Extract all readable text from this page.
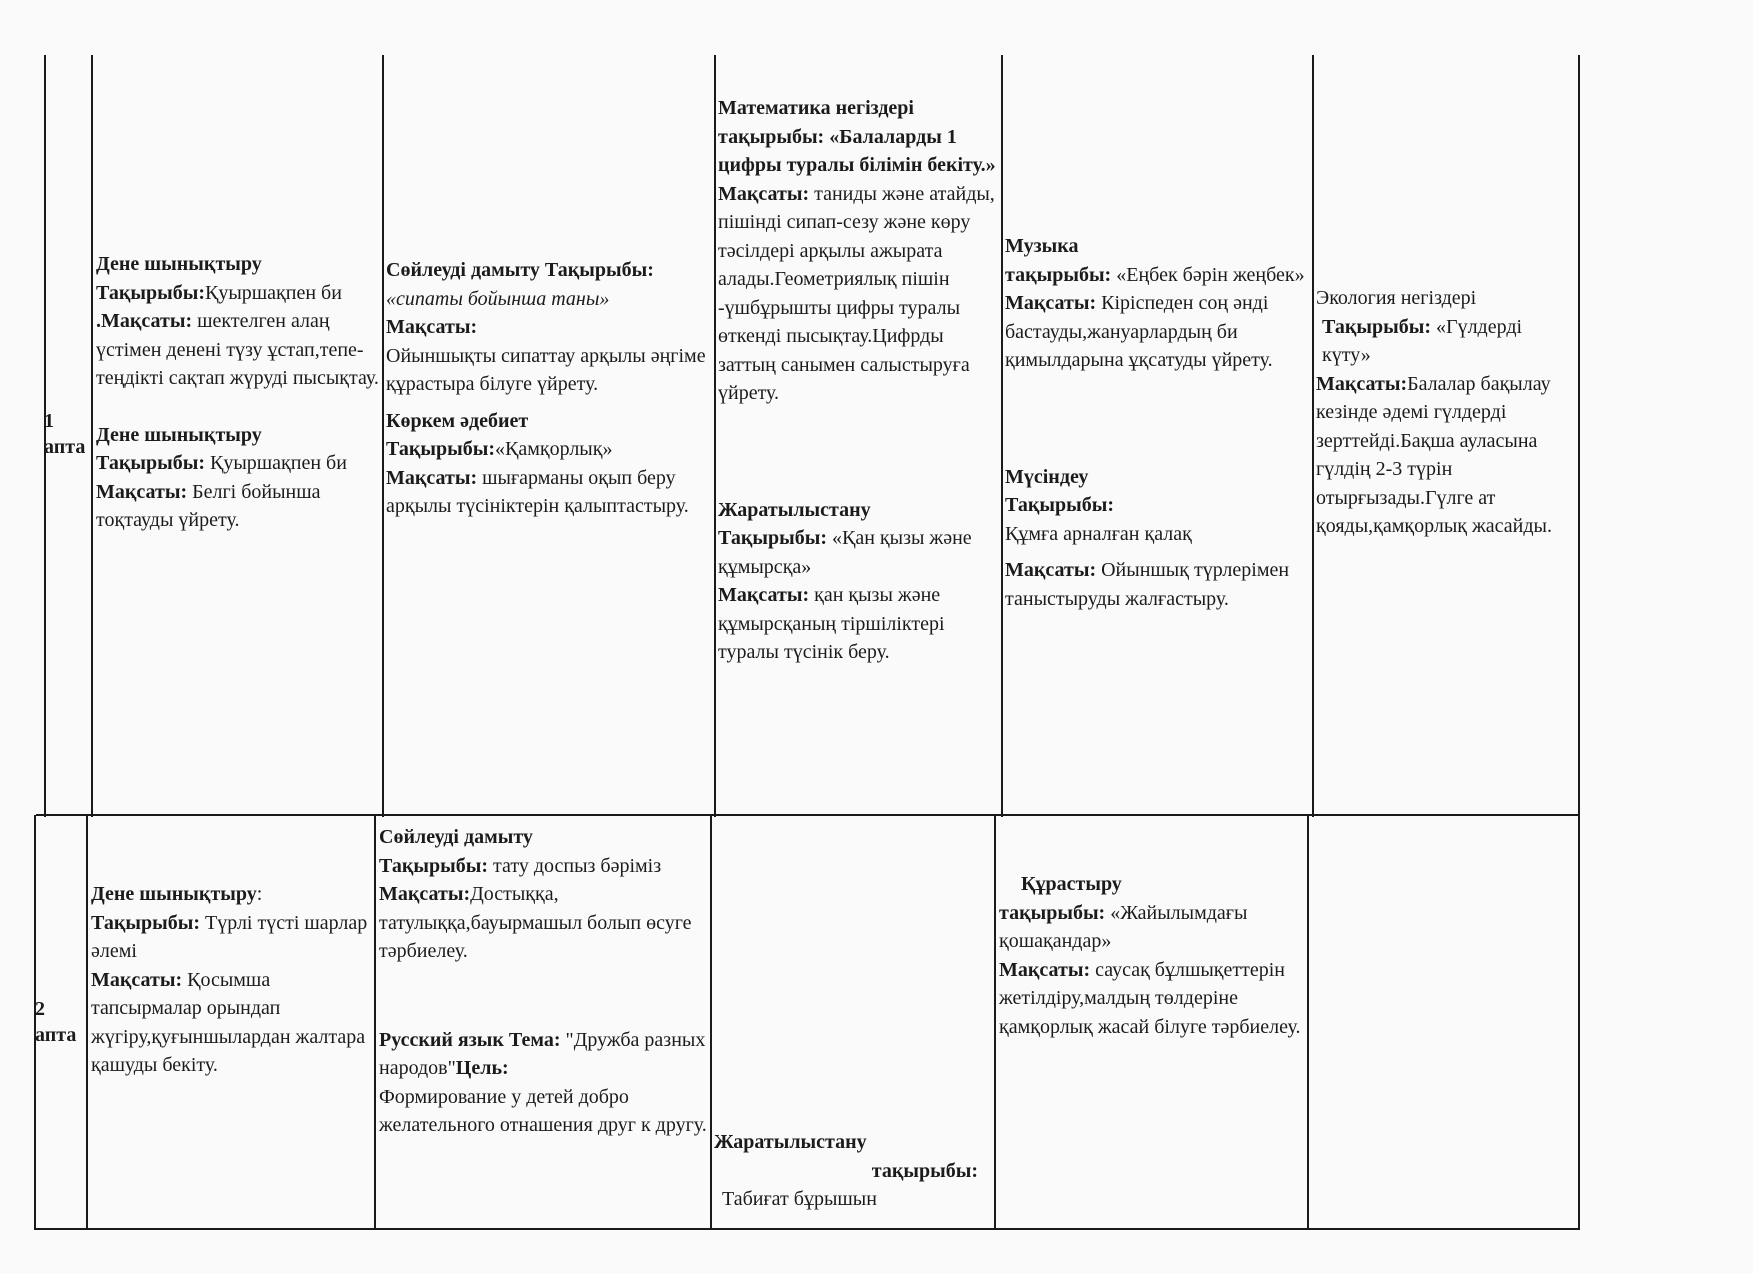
1
апта
Дене шынықтыру
Тақырыбы:Қуыршақпен би
.Мақсаты: шектелген алаң үстімен денені түзу ұстап,тепе-теңдікті сақтап жүруді пысықтау.
Дене шынықтыру
Тақырыбы: Қуыршақпен би
Мақсаты: Белгі бойынша тоқтауды үйрету.
Сөйлеуді дамыту Тақырыбы: «сипаты бойынша таны»
Мақсаты:
Ойыншықты сипаттау арқылы әңгіме құрастыра білуге үйрету.
Көркем әдебиет
Тақырыбы:«Қамқорлық»
Мақсаты: шығарманы оқып беру арқылы түсініктерін қалыптастыру.
Математика негіздері
тақырыбы: «Балаларды 1 цифры туралы білімін бекіту.»
Мақсаты: таниды және атайды, пішінді сипап-сезу және көру тәсілдері арқылы ажырата алады.Геометриялық пішін -үшбұрышты цифры туралы өткенді пысықтау.Цифрды заттың санымен салыстыруға үйрету.
Жаратылыстану
Тақырыбы: «Қан қызы және құмырсқа»
Мақсаты: қан қызы және құмырсқаның тіршіліктері туралы түсінік беру.
Музыка
тақырыбы: «Еңбек бәрін жеңбек»
Мақсаты: Кіріспеден соң әнді бастауды,жануарлардың би қимылдарына ұқсатуды үйрету.
Мүсіндеу
Тақырыбы:
Құмға арналған қалақ
Мақсаты: Ойыншық түрлерімен таныстыруды жалғастыру.
Экология негіздері
Тақырыбы: «Гүлдерді күту»
Мақсаты:Балалар бақылау кезінде әдемі гүлдерді зерттейді.Бақша ауласына гүлдің 2-3 түрін отырғызады.Гүлге ат қояды,қамқорлық жасайды.
2
апта
Дене шынықтыру:
Тақырыбы: Түрлі түсті шарлар әлемі
Мақсаты: Қосымша тапсырмалар орындап жүгіру,қуғыншылардан жалтара қашуды бекіту.
Сөйлеуді дамыту
Тақырыбы: тату доспыз бәріміз
Мақсаты:Достыққа, татулыққа,бауырмашыл болып өсуге тәрбиелеу.
Русский язык Тема: "Дружба разных народов"Цель:
Формирование у детей добро желательного отнашения друг к другу.
Жаратылыстану
тақырыбы:
Табиғат бұрышын
Құрастыру
тақырыбы: «Жайылымдағы қошақандар»
Мақсаты: саусақ бұлшықеттерін жетілдіру,малдың төлдеріне қамқорлық жасай білуге тәрбиелеу.
